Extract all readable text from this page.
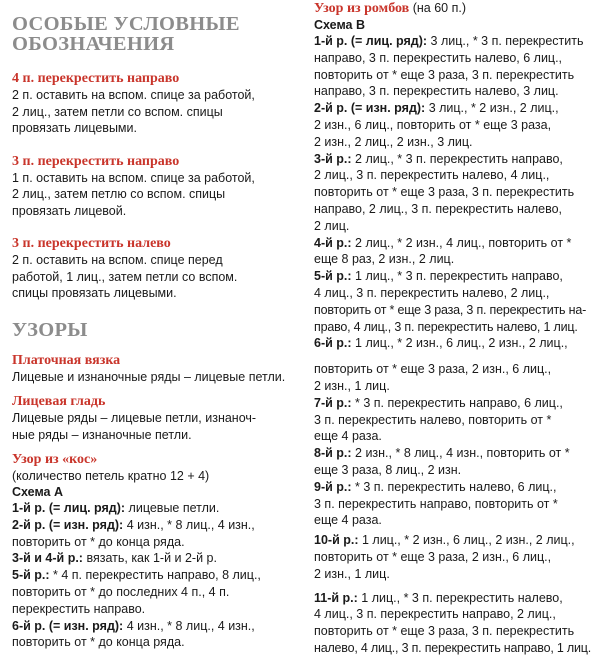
ОСОБЫЕ УСЛОВНЫЕ
ОБОЗНАЧЕНИЯ
4 п. перекрестить направо
2 п. оставить на вспом. спице за работой,
2 лиц., затем петли со вспом. спицы
провязать лицевыми.
3 п. перекрестить направо
1 п. оставить на вспом. спице за работой,
2 лиц., затем петлю со вспом. спицы
провязать лицевой.
3 п. перекрестить налево
2 п. оставить на вспом. спице перед
работой, 1 лиц., затем петли со вспом.
спицы провязать лицевыми.
УЗОРЫ
Платочная вязка
Лицевые и изнаночные ряды – лицевые петли.
Лицевая гладь
Лицевые ряды – лицевые петли, изнаноч-
ные ряды – изнаночные петли.
Узор из «кос»
(количество петель кратно 12 + 4)
Схема А
1-й р. (= лиц. ряд): лицевые петли.
2-й р. (= изн. ряд): 4 изн., * 8 лиц., 4 изн.,
повторить от * до конца ряда.
3-й и 4-й р.: вязать, как 1-й и 2-й р.
5-й р.: * 4 п. перекрестить направо, 8 лиц.,
повторить от * до последних 4 п., 4 п.
перекрестить направо.
6-й р. (= изн. ряд): 4 изн., * 8 лиц., 4 изн.,
повторить от * до конца ряда.
Узор из ромбов (на 60 п.)
Схема В
1-й р. (= лиц. ряд): 3 лиц., * 3 п. перекрестить
направо, 3 п. перекрестить налево, 6 лиц.,
повторить от * еще 3 раза, 3 п. перекрестить
направо, 3 п. перекрестить налево, 3 лиц.
2-й р. (= изн. ряд): 3 лиц., * 2 изн., 2 лиц.,
2 изн., 6 лиц., повторить от * еще 3 раза,
2 изн., 2 лиц., 2 изн., 3 лиц.
3-й р.: 2 лиц., * 3 п. перекрестить направо,
2 лиц., 3 п. перекрестить налево, 4 лиц.,
повторить от * еще 3 раза, 3 п. перекрестить
направо, 2 лиц., 3 п. перекрестить налево,
2 лиц.
4-й р.: 2 лиц., * 2 изн., 4 лиц., повторить от *
еще 8 раз, 2 изн., 2 лиц.
5-й р.: 1 лиц., * 3 п. перекрестить направо,
4 лиц., 3 п. перекрестить налево, 2 лиц.,
повторить от * еще 3 раза, 3 п. перекрестить на-
право, 4 лиц., 3 п. перекрестить налево, 1 лиц.
6-й р.: 1 лиц., * 2 изн., 6 лиц., 2 изн., 2 лиц.,
повторить от * еще 3 раза, 2 изн., 6 лиц.,
2 изн., 1 лиц.
7-й р.: * 3 п. перекрестить направо, 6 лиц.,
3 п. перекрестить налево, повторить от *
еще 4 раза.
8-й р.: 2 изн., * 8 лиц., 4 изн., повторить от *
еще 3 раза, 8 лиц., 2 изн.
9-й р.: * 3 п. перекрестить налево, 6 лиц.,
3 п. перекрестить направо, повторить от *
еще 4 раза.
10-й р.: 1 лиц., * 2 изн., 6 лиц., 2 изн., 2 лиц.,
повторить от * еще 3 раза, 2 изн., 6 лиц.,
2 изн., 1 лиц.
11-й р.: 1 лиц., * 3 п. перекрестить налево,
4 лиц., 3 п. перекрестить направо, 2 лиц.,
повторить от * еще 3 раза, 3 п. перекрестить
налево, 4 лиц., 3 п. перекрестить направо, 1 лиц.
